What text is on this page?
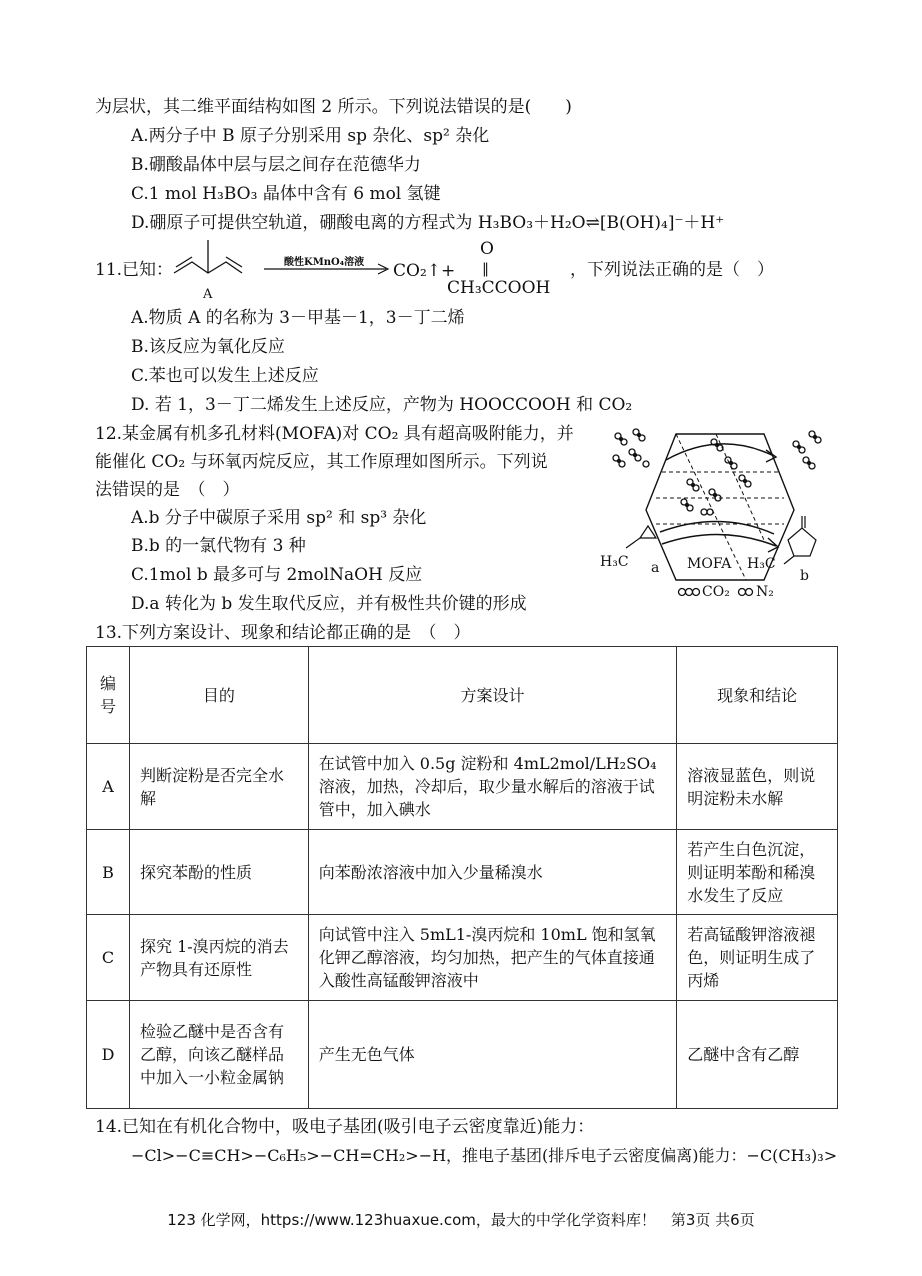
为层状，其二维平面结构如图 2 所示。下列说法错误的是(　　)
A.两分子中 B 原子分别采用 sp 杂化、sp² 杂化
B.硼酸晶体中层与层之间存在范德华力
C.1 mol H₃BO₃ 晶体中含有 6 mol 氢键
D.硼原子可提供空轨道，硼酸电离的方程式为 H₃BO₃＋H₂O⇌[B(OH)₄]⁻＋H⁺
11.已知：
A
酸性KMnO₄溶液 CO₂↑+
O
‖
CH₃CCOOH
，下列说法正确的是（　）
A.物质 A 的名称为 3－甲基－1，3－丁二烯
B.该反应为氧化反应
C.苯也可以发生上述反应
D. 若 1，3－丁二烯发生上述反应，产物为 HOOCCOOH 和 CO₂
12.某金属有机多孔材料(MOFA)对 CO₂ 具有超高吸附能力，并
能催化 CO₂ 与环氧丙烷反应，其工作原理如图所示。下列说
法错误的是　（　）
A.b 分子中碳原子采用 sp² 和 sp³ 杂化
B.b 的一氯代物有 3 种
C.1mol b 最多可与 2molNaOH 反应
D.a 转化为 b 发生取代反应，并有极性共价键的形成
H₃C a MOFA H₃C
b
CO₂ N₂
13.下列方案设计、现象和结论都正确的是　（　）
编号	目的	方案设计	现象和结论
A	判断淀粉是否完全水解	在试管中加入 0.5g 淀粉和 4mL2mol/LH₂SO₄ 溶液，加热，冷却后，取少量水解后的溶液于试管中，加入碘水	溶液显蓝色，则说明淀粉未水解
B	探究苯酚的性质	向苯酚浓溶液中加入少量稀溴水	若产生白色沉淀，则证明苯酚和稀溴水发生了反应
C	探究 1-溴丙烷的消去产物具有还原性	向试管中注入 5mL1-溴丙烷和 10mL 饱和氢氧化钾乙醇溶液，均匀加热，把产生的气体直接通入酸性高锰酸钾溶液中	若高锰酸钾溶液褪色，则证明生成了丙烯
D	检验乙醚中是否含有乙醇，向该乙醚样品中加入一小粒金属钠	产生无色气体	乙醚中含有乙醇
14.已知在有机化合物中，吸电子基团(吸引电子云密度靠近)能力：
−Cl>−C≡CH>−C₆H₅>−CH=CH₂>−H，推电子基团(排斥电子云密度偏离)能力：−C(CH₃)₃>
123 化学网，https://www.123huaxue.com，最大的中学化学资料库！　第3页 共6页
